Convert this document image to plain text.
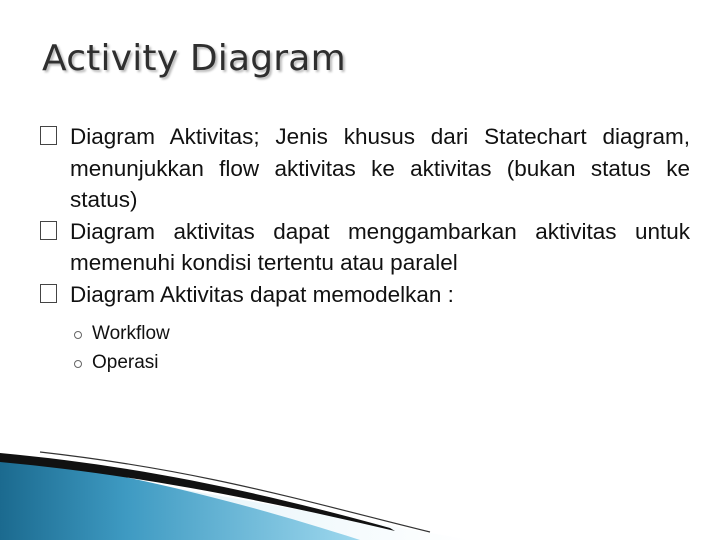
Activity Diagram
Diagram Aktivitas; Jenis khusus dari Statechart diagram, menunjukkan flow aktivitas ke aktivitas (bukan status ke status)
Diagram aktivitas dapat menggambarkan aktivitas untuk memenuhi kondisi tertentu atau paralel
Diagram Aktivitas dapat memodelkan :
Workflow
Operasi
